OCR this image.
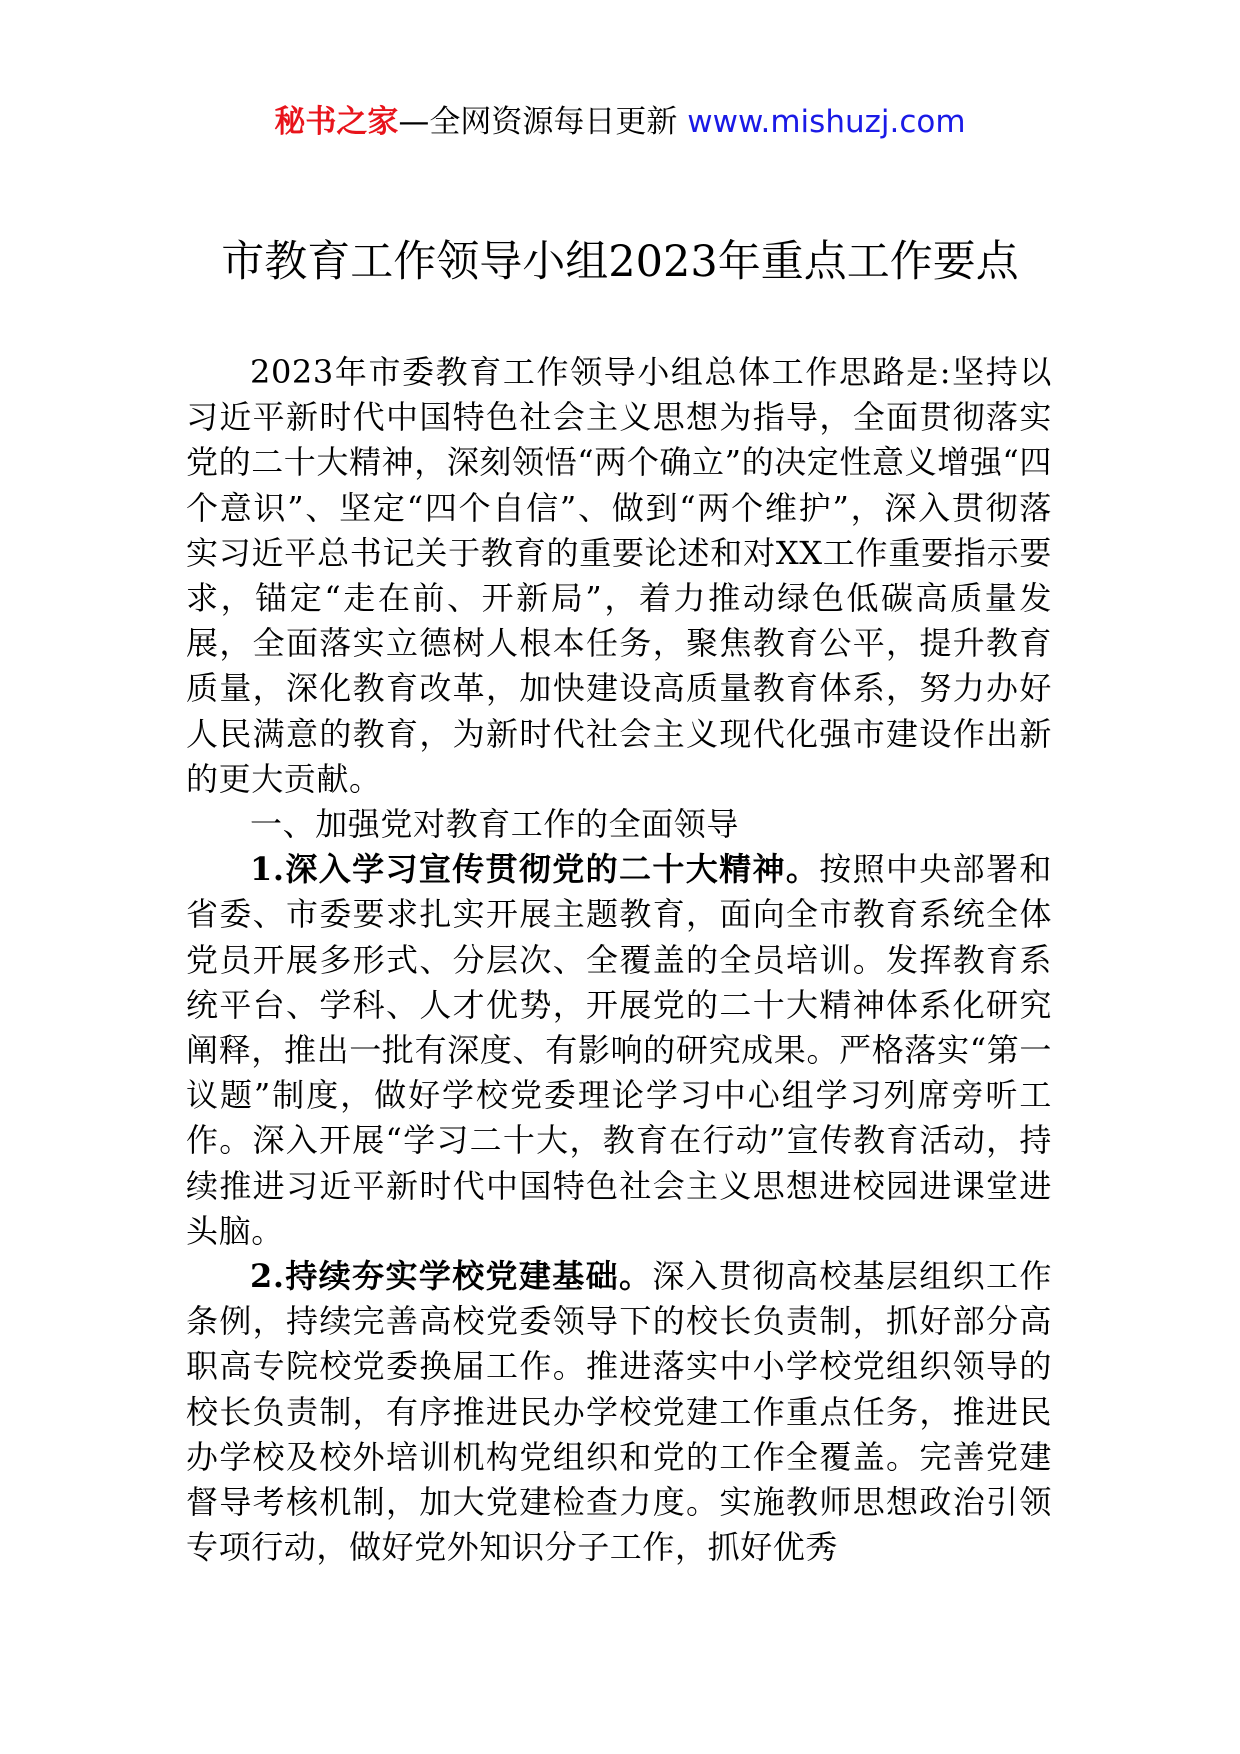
秘书之家—全网资源每日更新 www.mishuzj.com
市教育工作领导小组2023年重点工作要点

2023年市委教育工作领导小组总体工作思路是:坚持以习近平新时代中国特色社会主义思想为指导，全面贯彻落实党的二十大精神，深刻领悟“两个确立”的决定性意义增强“四个意识”、坚定“四个自信”、做到“两个维护”，深入贯彻落实习近平总书记关于教育的重要论述和对XX工作重要指示要求，锚定“走在前、开新局”，着力推动绿色低碳高质量发展，全面落实立德树人根本任务，聚焦教育公平，提升教育质量，深化教育改革，加快建设高质量教育体系，努力办好人民满意的教育，为新时代社会主义现代化强市建设作出新的更大贡献。

一、加强党对教育工作的全面领导

1.深入学习宣传贯彻党的二十大精神。按照中央部署和省委、市委要求扎实开展主题教育，面向全市教育系统全体党员开展多形式、分层次、全覆盖的全员培训。发挥教育系统平台、学科、人才优势，开展党的二十大精神体系化研究阐释，推出一批有深度、有影响的研究成果。严格落实“第一议题”制度，做好学校党委理论学习中心组学习列席旁听工作。深入开展“学习二十大，教育在行动”宣传教育活动，持续推进习近平新时代中国特色社会主义思想进校园进课堂进头脑。

2.持续夯实学校党建基础。深入贯彻高校基层组织工作条例，持续完善高校党委领导下的校长负责制，抓好部分高职高专院校党委换届工作。推进落实中小学校党组织领导的校长负责制，有序推进民办学校党建工作重点任务，推进民办学校及校外培训机构党组织和党的工作全覆盖。完善党建督导考核机制，加大党建检查力度。实施教师思想政治引领专项行动，做好党外知识分子工作，抓好优秀
